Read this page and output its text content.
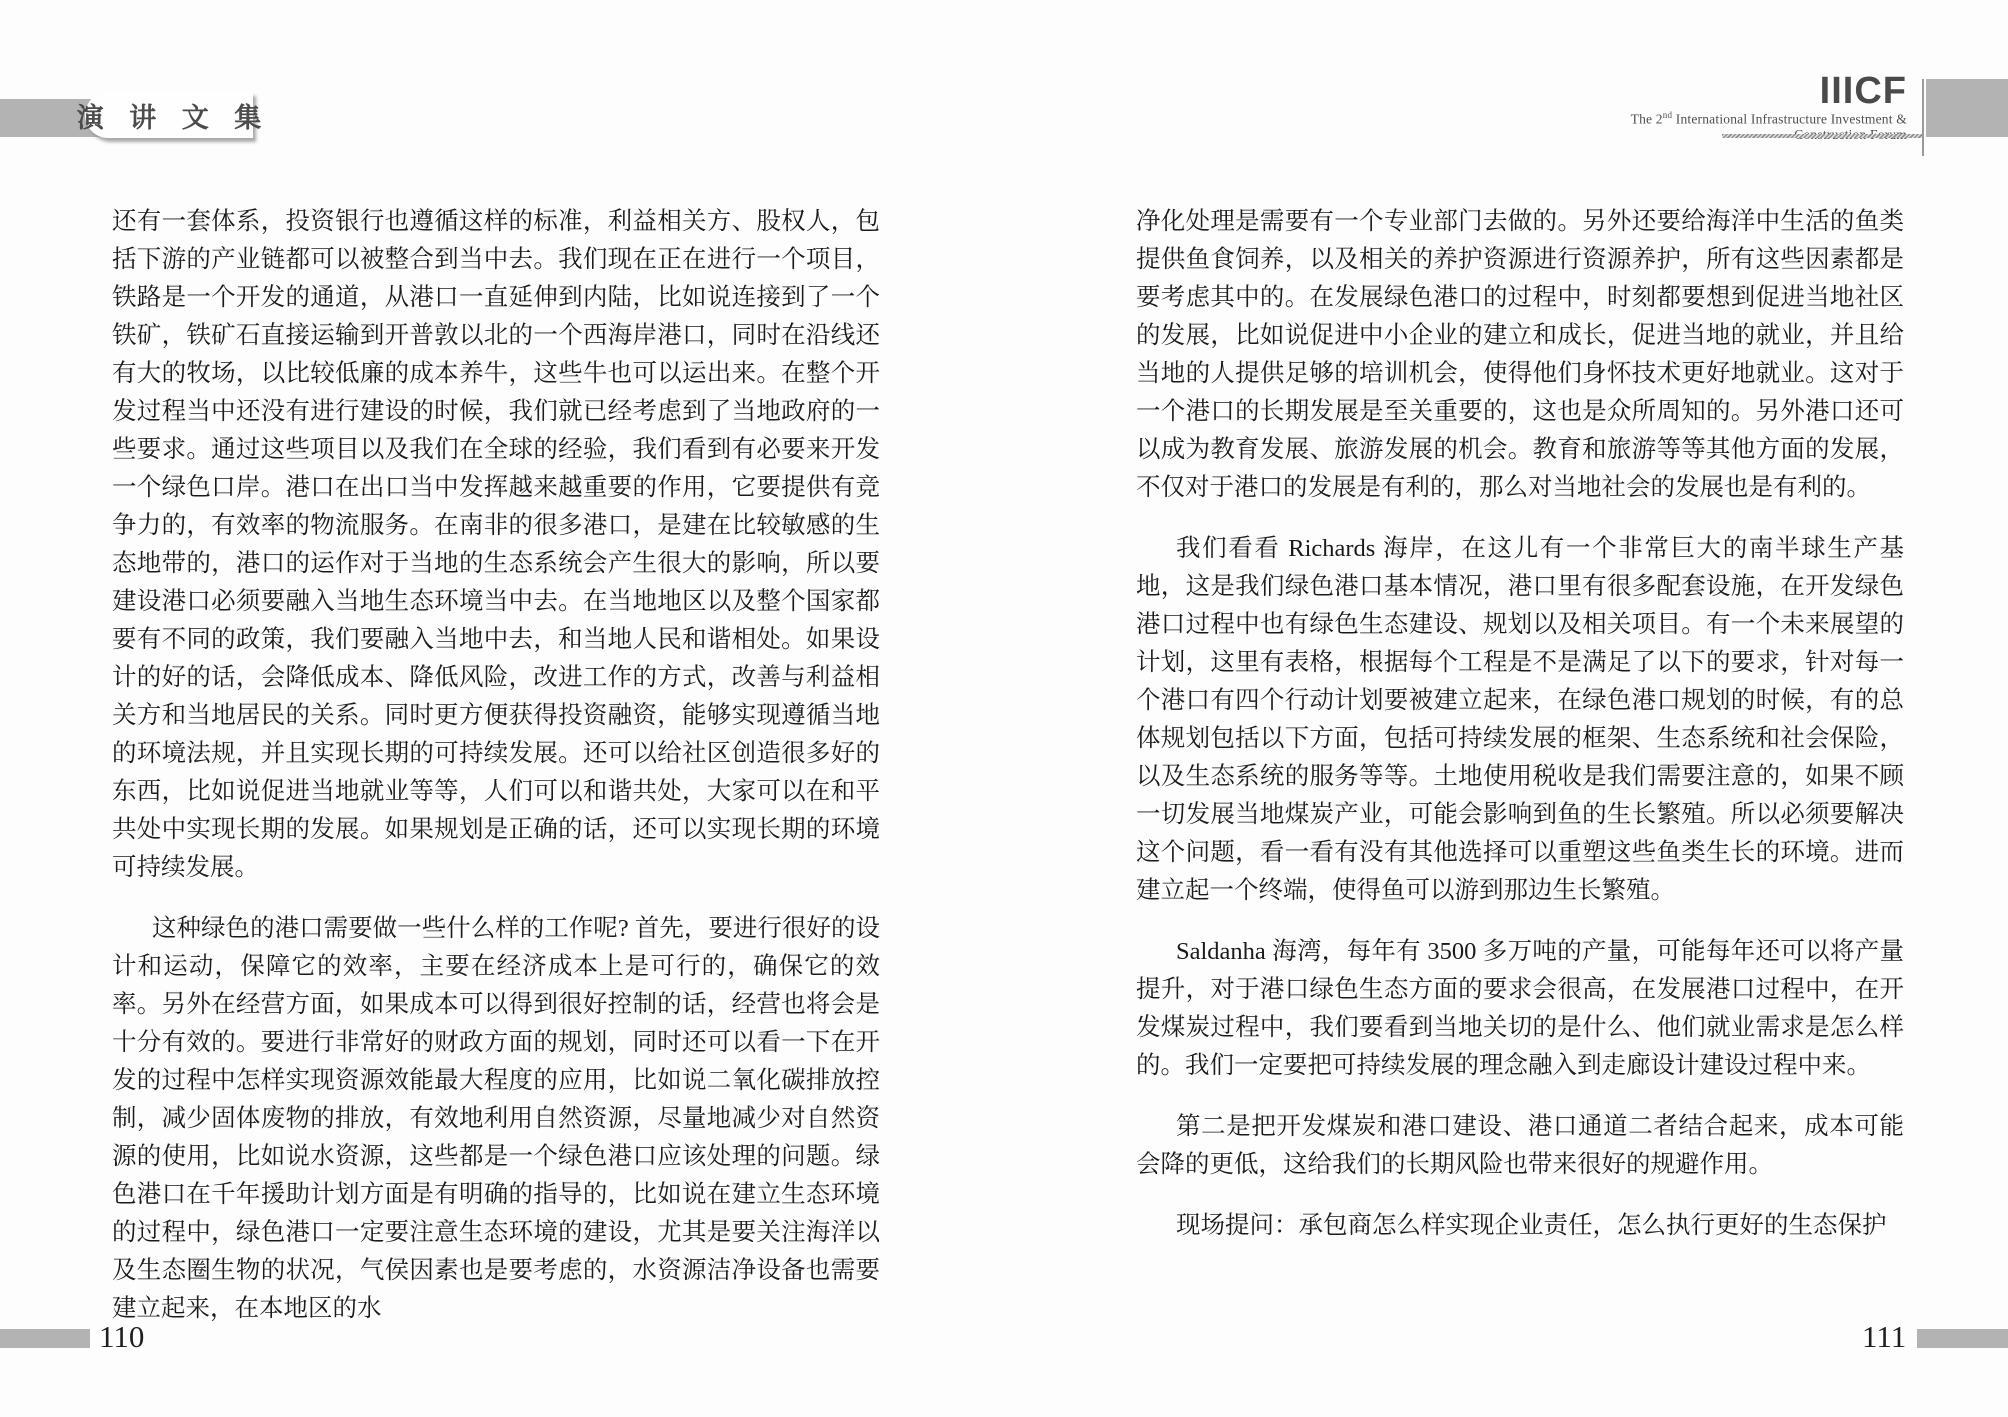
演 讲 文 集
IIICF
The 2nd International Infrastructure Investment &

还有一套体系，投资银行也遵循这样的标准，利益相关方、股权人，包括下游的产业链都可以被整合到当中去。我们现在正在进行一个项目，铁路是一个开发的通道，从港口一直延伸到内陆，比如说连接到了一个铁矿，铁矿石直接运输到开普敦以北的一个西海岸港口，同时在沿线还有大的牧场，以比较低廉的成本养牛，这些牛也可以运出来。在整个开发过程当中还没有进行建设的时候，我们就已经考虑到了当地政府的一些要求。通过这些项目以及我们在全球的经验，我们看到有必要来开发一个绿色口岸。港口在出口当中发挥越来越重要的作用，它要提供有竞争力的，有效率的物流服务。在南非的很多港口，是建在比较敏感的生态地带的，港口的运作对于当地的生态系统会产生很大的影响，所以要建设港口必须要融入当地生态环境当中去。在当地地区以及整个国家都要有不同的政策，我们要融入当地中去，和当地人民和谐相处。如果设计的好的话，会降低成本、降低风险，改进工作的方式，改善与利益相关方和当地居民的关系。同时更方便获得投资融资，能够实现遵循当地的环境法规，并且实现长期的可持续发展。还可以给社区创造很多好的东西，比如说促进当地就业等等，人们可以和谐共处，大家可以在和平共处中实现长期的发展。如果规划是正确的话，还可以实现长期的环境可持续发展。

这种绿色的港口需要做一些什么样的工作呢? 首先，要进行很好的设计和运动，保障它的效率，主要在经济成本上是可行的，确保它的效率。另外在经营方面，如果成本可以得到很好控制的话，经营也将会是十分有效的。要进行非常好的财政方面的规划，同时还可以看一下在开发的过程中怎样实现资源效能最大程度的应用，比如说二氧化碳排放控制，减少固体废物的排放，有效地利用自然资源，尽量地减少对自然资源的使用，比如说水资源，这些都是一个绿色港口应该处理的问题。绿色港口在千年援助计划方面是有明确的指导的，比如说在建立生态环境的过程中，绿色港口一定要注意生态环境的建设，尤其是要关注海洋以及生态圈生物的状况，气侯因素也是要考虑的，水资源洁净设备也需要建立起来，在本地区的水

净化处理是需要有一个专业部门去做的。另外还要给海洋中生活的鱼类提供鱼食饲养，以及相关的养护资源进行资源养护，所有这些因素都是要考虑其中的。在发展绿色港口的过程中，时刻都要想到促进当地社区的发展，比如说促进中小企业的建立和成长，促进当地的就业，并且给当地的人提供足够的培训机会，使得他们身怀技术更好地就业。这对于一个港口的长期发展是至关重要的，这也是众所周知的。另外港口还可以成为教育发展、旅游发展的机会。教育和旅游等等其他方面的发展，不仅对于港口的发展是有利的，那么对当地社会的发展也是有利的。

我们看看 Richards 海岸，在这儿有一个非常巨大的南半球生产基地，这是我们绿色港口基本情况，港口里有很多配套设施，在开发绿色港口过程中也有绿色生态建设、规划以及相关项目。有一个未来展望的计划，这里有表格，根据每个工程是不是满足了以下的要求，针对每一个港口有四个行动计划要被建立起来，在绿色港口规划的时候，有的总体规划包括以下方面，包括可持续发展的框架、生态系统和社会保险，以及生态系统的服务等等。土地使用税收是我们需要注意的，如果不顾一切发展当地煤炭产业，可能会影响到鱼的生长繁殖。所以必须要解决这个问题，看一看有没有其他选择可以重塑这些鱼类生长的环境。进而建立起一个终端，使得鱼可以游到那边生长繁殖。

Saldanha 海湾，每年有 3500 多万吨的产量，可能每年还可以将产量提升，对于港口绿色生态方面的要求会很高，在发展港口过程中，在开发煤炭过程中，我们要看到当地关切的是什么、他们就业需求是怎么样的。我们一定要把可持续发展的理念融入到走廊设计建设过程中来。

第二是把开发煤炭和港口建设、港口通道二者结合起来，成本可能会降的更低，这给我们的长期风险也带来很好的规避作用。

现场提问：承包商怎么样实现企业责任，怎么执行更好的生态保护

110	111
